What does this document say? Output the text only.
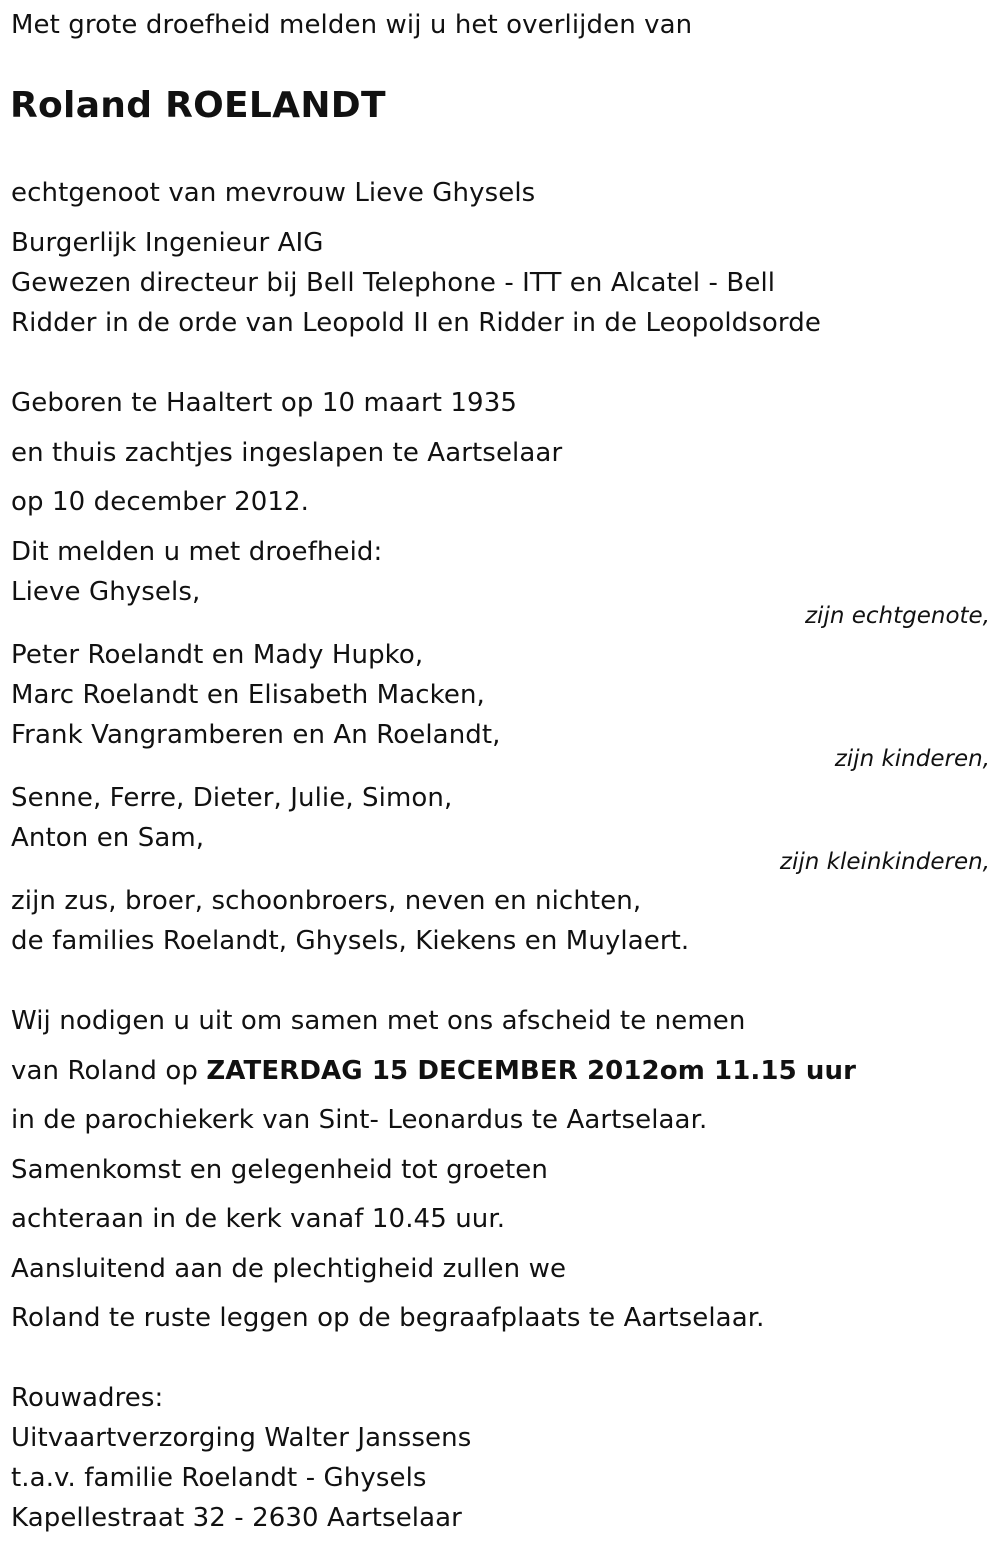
Met grote droefheid melden wij u het overlijden van
Roland ROELANDT
echtgenoot van mevrouw Lieve Ghysels
Burgerlijk Ingenieur AIG
Gewezen directeur bij Bell Telephone - ITT en Alcatel - Bell
Ridder in de orde van Leopold II en Ridder in de Leopoldsorde
Geboren te Haaltert op 10 maart 1935
en thuis zachtjes ingeslapen te Aartselaar
op 10 december 2012.
Dit melden u met droefheid:
Lieve Ghysels,
zijn echtgenote,
Peter Roelandt en Mady Hupko,
Marc Roelandt en Elisabeth Macken,
Frank Vangramberen en An Roelandt,
zijn kinderen,
Senne, Ferre, Dieter, Julie, Simon,
Anton en Sam,
zijn kleinkinderen,
zijn zus, broer, schoonbroers, neven en nichten,
de families Roelandt, Ghysels, Kiekens en Muylaert.
Wij nodigen u uit om samen met ons afscheid te nemen
van Roland op ZATERDAG 15 DECEMBER 2012om 11.15 uur
in de parochiekerk van Sint- Leonardus te Aartselaar.
Samenkomst en gelegenheid tot groeten
achteraan in de kerk vanaf 10.45 uur.
Aansluitend aan de plechtigheid zullen we
Roland te ruste leggen op de begraafplaats te Aartselaar.
Rouwadres:
Uitvaartverzorging Walter Janssens
t.a.v. familie Roelandt - Ghysels
Kapellestraat 32 - 2630 Aartselaar
